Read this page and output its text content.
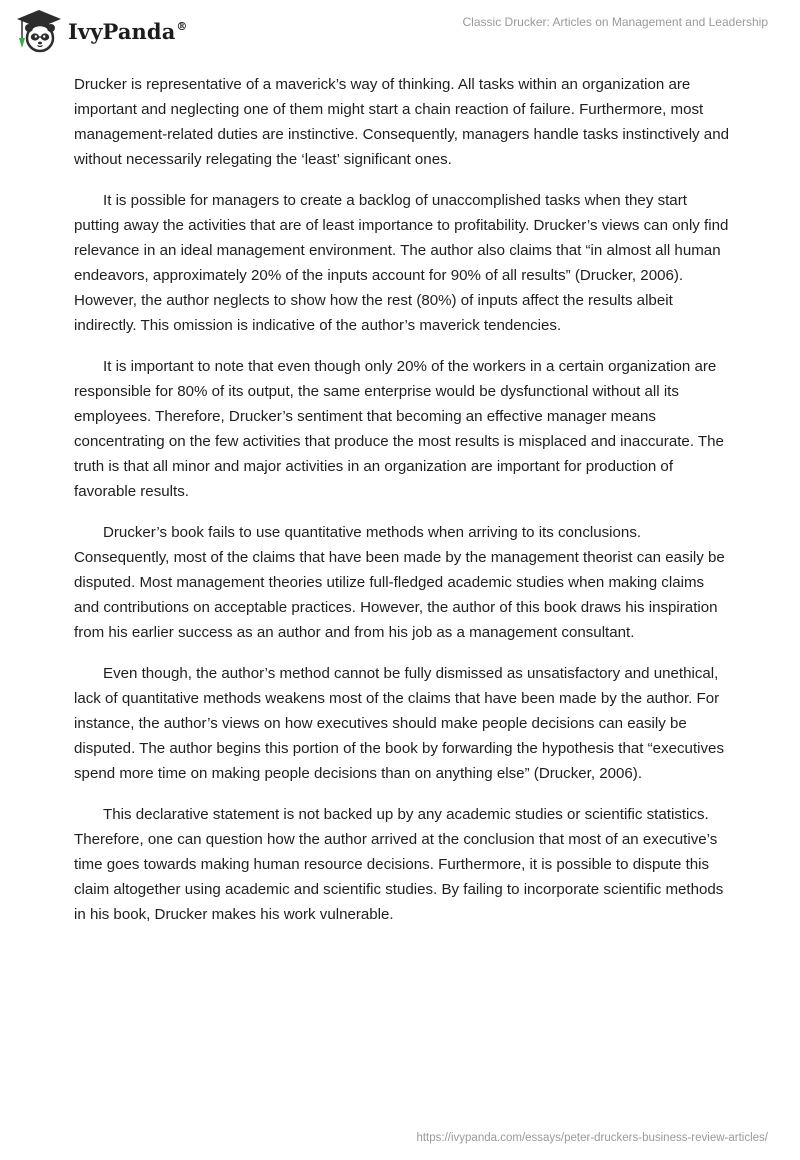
IvyPanda®	Classic Drucker: Articles on Management and Leadership

Drucker is representative of a maverick’s way of thinking. All tasks within an organization are important and neglecting one of them might start a chain reaction of failure. Furthermore, most management-related duties are instinctive. Consequently, managers handle tasks instinctively and without necessarily relegating the ‘least’ significant ones.

It is possible for managers to create a backlog of unaccomplished tasks when they start putting away the activities that are of least importance to profitability. Drucker’s views can only find relevance in an ideal management environment. The author also claims that “in almost all human endeavors, approximately 20% of the inputs account for 90% of all results” (Drucker, 2006). However, the author neglects to show how the rest (80%) of inputs affect the results albeit indirectly. This omission is indicative of the author’s maverick tendencies.

It is important to note that even though only 20% of the workers in a certain organization are responsible for 80% of its output, the same enterprise would be dysfunctional without all its employees. Therefore, Drucker’s sentiment that becoming an effective manager means concentrating on the few activities that produce the most results is misplaced and inaccurate. The truth is that all minor and major activities in an organization are important for production of favorable results.

Drucker’s book fails to use quantitative methods when arriving to its conclusions. Consequently, most of the claims that have been made by the management theorist can easily be disputed. Most management theories utilize full-fledged academic studies when making claims and contributions on acceptable practices. However, the author of this book draws his inspiration from his earlier success as an author and from his job as a management consultant.

Even though, the author’s method cannot be fully dismissed as unsatisfactory and unethical, lack of quantitative methods weakens most of the claims that have been made by the author. For instance, the author’s views on how executives should make people decisions can easily be disputed. The author begins this portion of the book by forwarding the hypothesis that “executives spend more time on making people decisions than on anything else” (Drucker, 2006).

This declarative statement is not backed up by any academic studies or scientific statistics. Therefore, one can question how the author arrived at the conclusion that most of an executive’s time goes towards making human resource decisions. Furthermore, it is possible to dispute this claim altogether using academic and scientific studies. By failing to incorporate scientific methods in his book, Drucker makes his work vulnerable.

https://ivypanda.com/essays/peter-druckers-business-review-articles/
